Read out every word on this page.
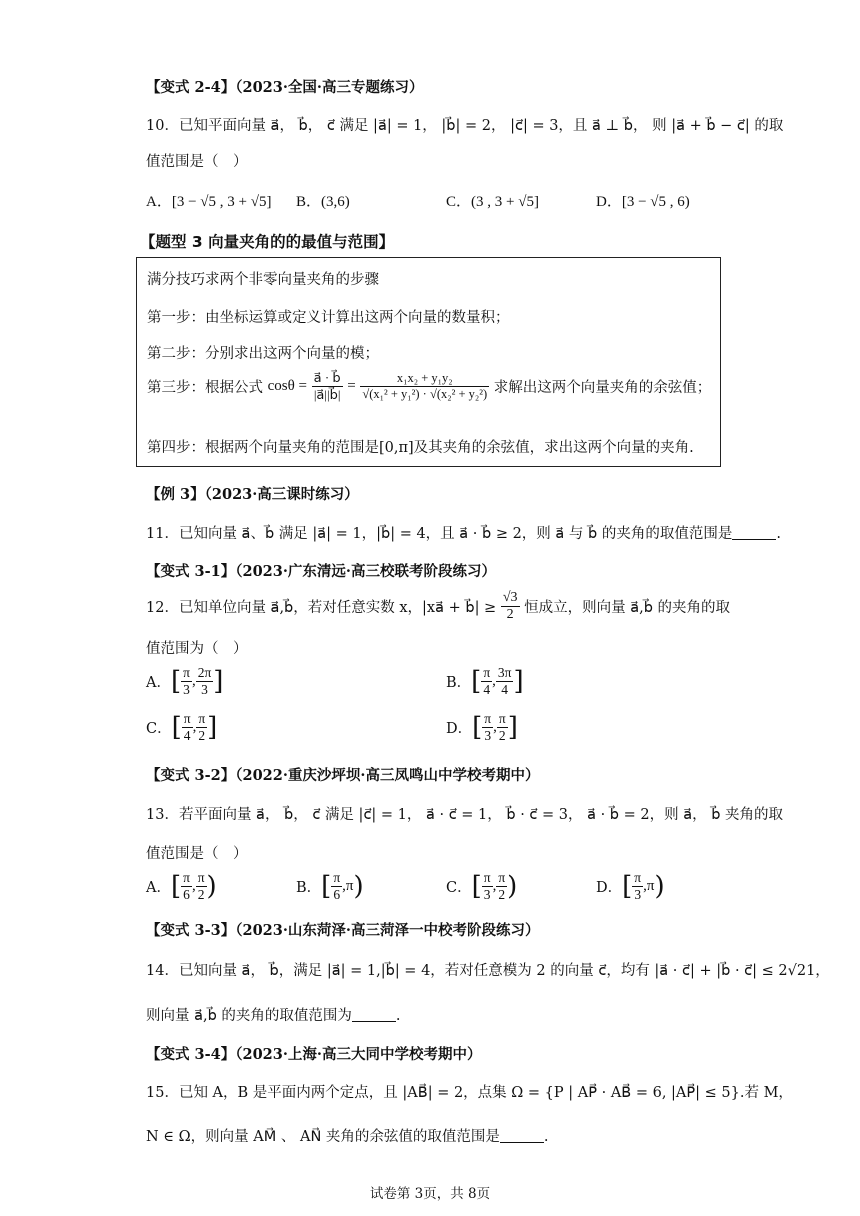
【变式 2-4】（2023·全国·高三专题练习）
10．已知平面向量 a⃗， b⃗， c⃗ 满足 |a⃗| = 1， |b⃗| = 2， |c⃗| = 3，且 a⃗ ⊥ b⃗， 则 |a⃗ + b⃗ − c⃗| 的取
值范围是（　）
A．[3 − √5 , 3 + √5] B．(3,6)	C．(3 , 3 + √5]	D．[3 − √5 , 6)
【题型 3 向量夹角的的最值与范围】
满分技巧求两个非零向量夹角的步骤
第一步：由坐标运算或定义计算出这两个向量的数量积；
第二步：分别求出这两个向量的模；
第三步：根据公式 $\cos\theta = \frac{a⃗ \cdot b⃗}{|a⃗||b⃗|} = \frac{\text{x₁x₂ + y₁y₂}}{\text{√(x₁² + y₁²) · √(x₂² + y₂²)}}$ 求解出这两个向量夹角的余弦值；
第四步：根据两个向量夹角的范围是[0,π]及其夹角的余弦值，求出这两个向量的夹角.
【例 3】（2023·高三课时练习）
11．已知向量 a⃗、b⃗ 满足 |a⃗| = 1，|b⃗| = 4，且 a⃗ · b⃗ ≥ 2，则 a⃗ 与 b⃗ 的夹角的取值范围是	.
【变式 3-1】（2023·广东清远·高三校联考阶段练习）
12．已知单位向量 a⃗,b⃗，若对任意实数 x，|xa⃗ + b⃗| ≥ $\frac{√3}{2}$ 恒成立，则向量 a⃗,b⃗ 的夹角的取
值范围为（　）
A．[ $\frac{\pi}{3}$ , $\frac{2\pi}{3}$ ]	B．[ $\frac{\pi}{4}$ , $\frac{3\pi}{4}$ ]
C．[ $\frac{\pi}{4}$ , $\frac{\pi}{2}$ ]	D．[ $\frac{\pi}{3}$ , $\frac{\pi}{2}$ ]
【变式 3-2】（2022·重庆沙坪坝·高三凤鸣山中学校考期中）
13．若平面向量 a⃗， b⃗， c⃗ 满足 |c⃗| = 1， a⃗ · c⃗ = 1， b⃗ · c⃗ = 3， a⃗ · b⃗ = 2，则 a⃗， b⃗ 夹角的取
值范围是（　）
A．[ $\frac{\pi}{6}$ , $\frac{\pi}{2}$ )	B．[ $\frac{\pi}{6} ,\pi$)	C．[ $\frac{\pi}{3}$ , $\frac{\pi}{2}$ )	D．[ $\frac{\pi}{3} ,\pi$)
【变式 3-3】（2023·山东菏泽·高三菏泽一中校考阶段练习）
14．已知向量 a⃗， b⃗，满足 |a⃗| = 1,|b⃗| = 4，若对任意模为 2 的向量 c⃗，均有 |a⃗ · c⃗| + |b⃗ · c⃗| ≤ 2√21，
则向量 a⃗,b⃗ 的夹角的取值范围为	.
【变式 3-4】（2023·上海·高三大同中学校考期中）
15．已知 A，B 是平面内两个定点，且 |AB⃗| = 2，点集 Ω = {P | AP⃗ · AB⃗ = 6, |AP⃗| ≤ 5}.若 M，
N ∈ Ω，则向量 AM⃗ 、 AN⃗ 夹角的余弦值的取值范围是	.
试卷第 3页，共 8页
